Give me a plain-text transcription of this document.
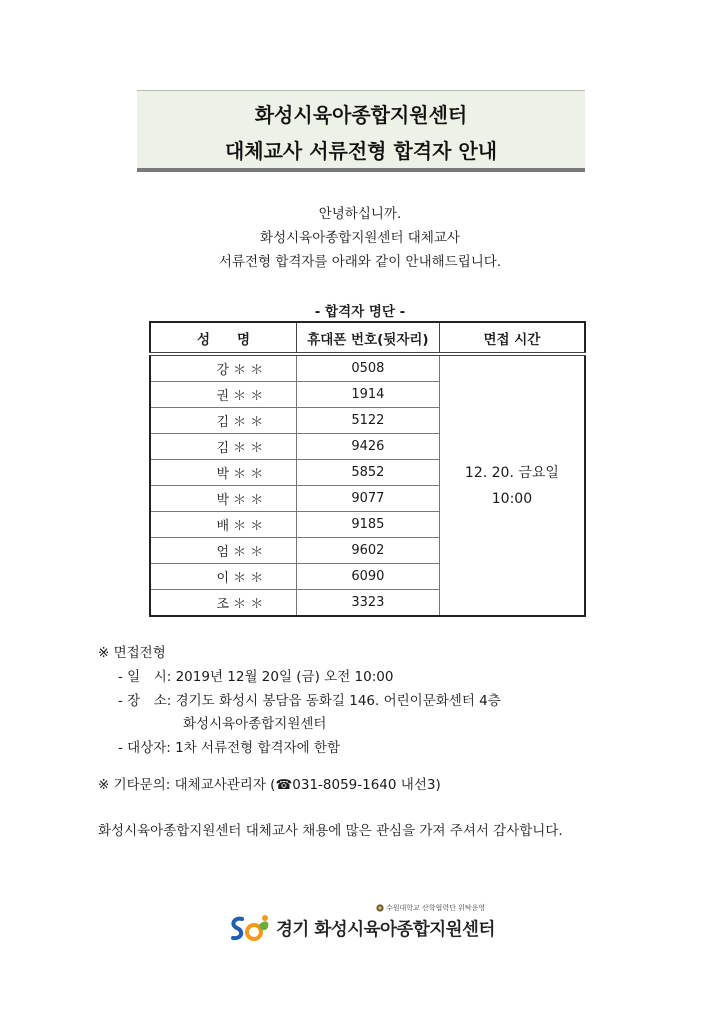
화성시육아종합지원센터
대체교사 서류전형 합격자 안내
안녕하십니까.
화성시육아종합지원센터 대체교사
서류전형 합격자를 아래와 같이 안내해드립니다.
- 합격자 명단 -
성　　명	휴대폰 번호(뒷자리)	면접 시간
강 ＊ ＊	0508	12. 20. 금요일
10:00

권 ＊ ＊	1914	
김 ＊ ＊	5122	
김 ＊ ＊	9426	
박 ＊ ＊	5852	
박 ＊ ＊	9077	
배 ＊ ＊	9185	
엄 ＊ ＊	9602	
이 ＊ ＊	6090	
조 ＊ ＊	3323	
※ 면접전형
- 일　시: 2019년 12월 20일 (금) 오전 10:00
- 장　소: 경기도 화성시 봉담읍 동화길 146. 어린이문화센터 4층
화성시육아종합지원센터
- 대상자: 1차 서류전형 합격자에 한함
※ 기타문의: 대체교사관리자 (☎031-8059-1640 내선3)
화성시육아종합지원센터 대체교사 채용에 많은 관심을 가져 주셔서 감사합니다.
수원대학교 산학협력단 위탁운영
경기 화성시육아종합지원센터
